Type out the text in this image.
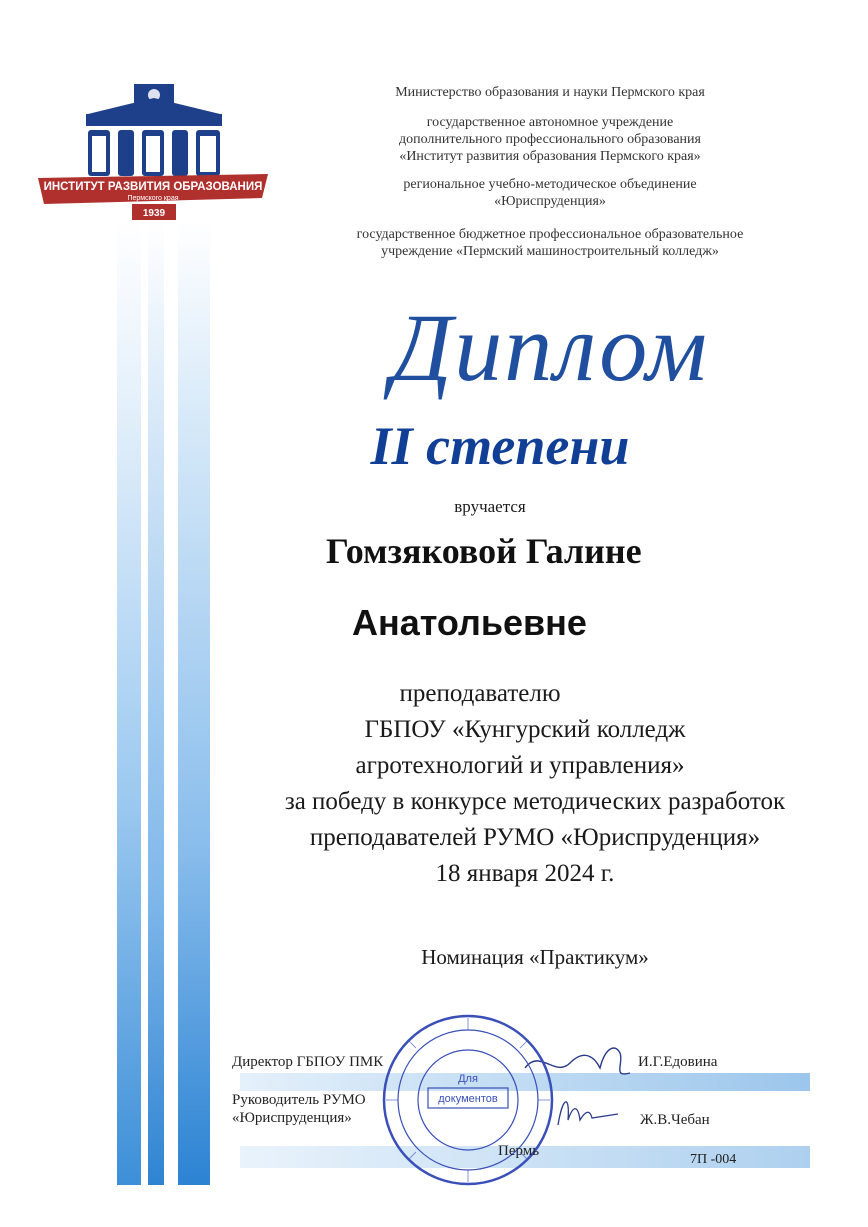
ИНСТИТУТ РАЗВИТИЯ ОБРАЗОВАНИЯ
Пермского края
1939
Министерство образования и науки Пермского края
государственное автономное учреждение
дополнительного профессионального образования
«Институт развития образования Пермского края»
региональное учебно-методическое объединение
«Юриспруденция»
государственное бюджетное профессиональное образовательное
учреждение «Пермский машиностроительный колледж»
Диплом
II степени
вручается
Гомзяковой Галине
Анатольевне
преподавателю
ГБПОУ «Кунгурский колледж
агротехнологий и управления»
за победу в конкурсе методических разработок
преподавателей РУМО «Юриспруденция»
18 января 2024 г.
Номинация «Практикум»
Директор ГБПОУ ПМК	И.Г.Едовина
Руководитель РУМО
«Юриспруденция»	Ж.В.Чебан
Для
документов
Пермь
7П -004
